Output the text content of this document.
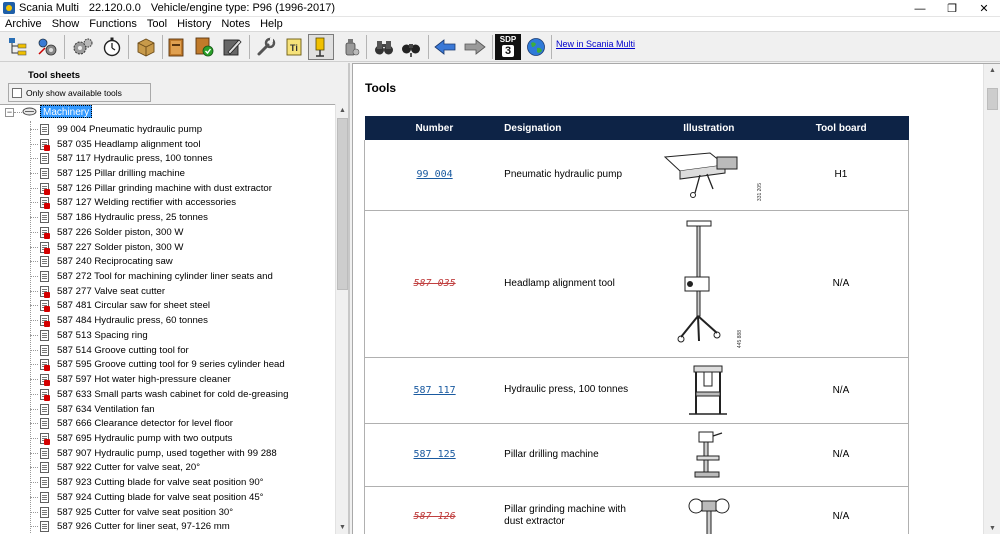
Scania Multi 22.120.0.0 Vehicle/engine type: P96 (1996-2017)	— ❐ ✕
Archive Show Functions Tool History Notes Help
Ti
SDP
3
New in Scania Multi
Tool sheets
Only show available tools
−	Machinery
99 004 Pneumatic hydraulic pump
587 035 Headlamp alignment tool
587 117 Hydraulic press, 100 tonnes
587 125 Pillar drilling machine
587 126 Pillar grinding machine with dust extractor
587 127 Welding rectifier with accessories
587 186 Hydraulic press, 25 tonnes
587 226 Solder piston, 300 W
587 227 Solder piston, 300 W
587 240 Reciprocating saw
587 272 Tool for machining cylinder liner seats and
587 277 Valve seat cutter
587 481 Circular saw for sheet steel
587 484 Hydraulic press, 60 tonnes
587 513 Spacing ring
587 514 Groove cutting tool for
587 595 Groove cutting tool for 9 series cylinder head
587 597 Hot water high-pressure cleaner
587 633 Small parts wash cabinet for cold de-greasing
587 634 Ventilation fan
587 666 Clearance detector for level floor
587 695 Hydraulic pump with two outputs
587 907 Hydraulic pump, used together with 99 288
587 922 Cutter for valve seat, 20°
587 923 Cutting blade for valve seat position 90°
587 924 Cutting blade for valve seat position 45°
587 925 Cutter for valve seat position 30°
587 926 Cutter for liner seat, 97-126 mm
▲
▼
Tools
Number	Designation	Illustration	Tool board
99 004	Pneumatic hydraulic pump	331 205	H1
587 035	Headlamp alignment tool	445 888	N/A
587 117	Hydraulic press, 100 tonnes		N/A
587 125	Pillar drilling machine		N/A
587 126	Pillar grinding machine with dust extractor		N/A
▲
▼
